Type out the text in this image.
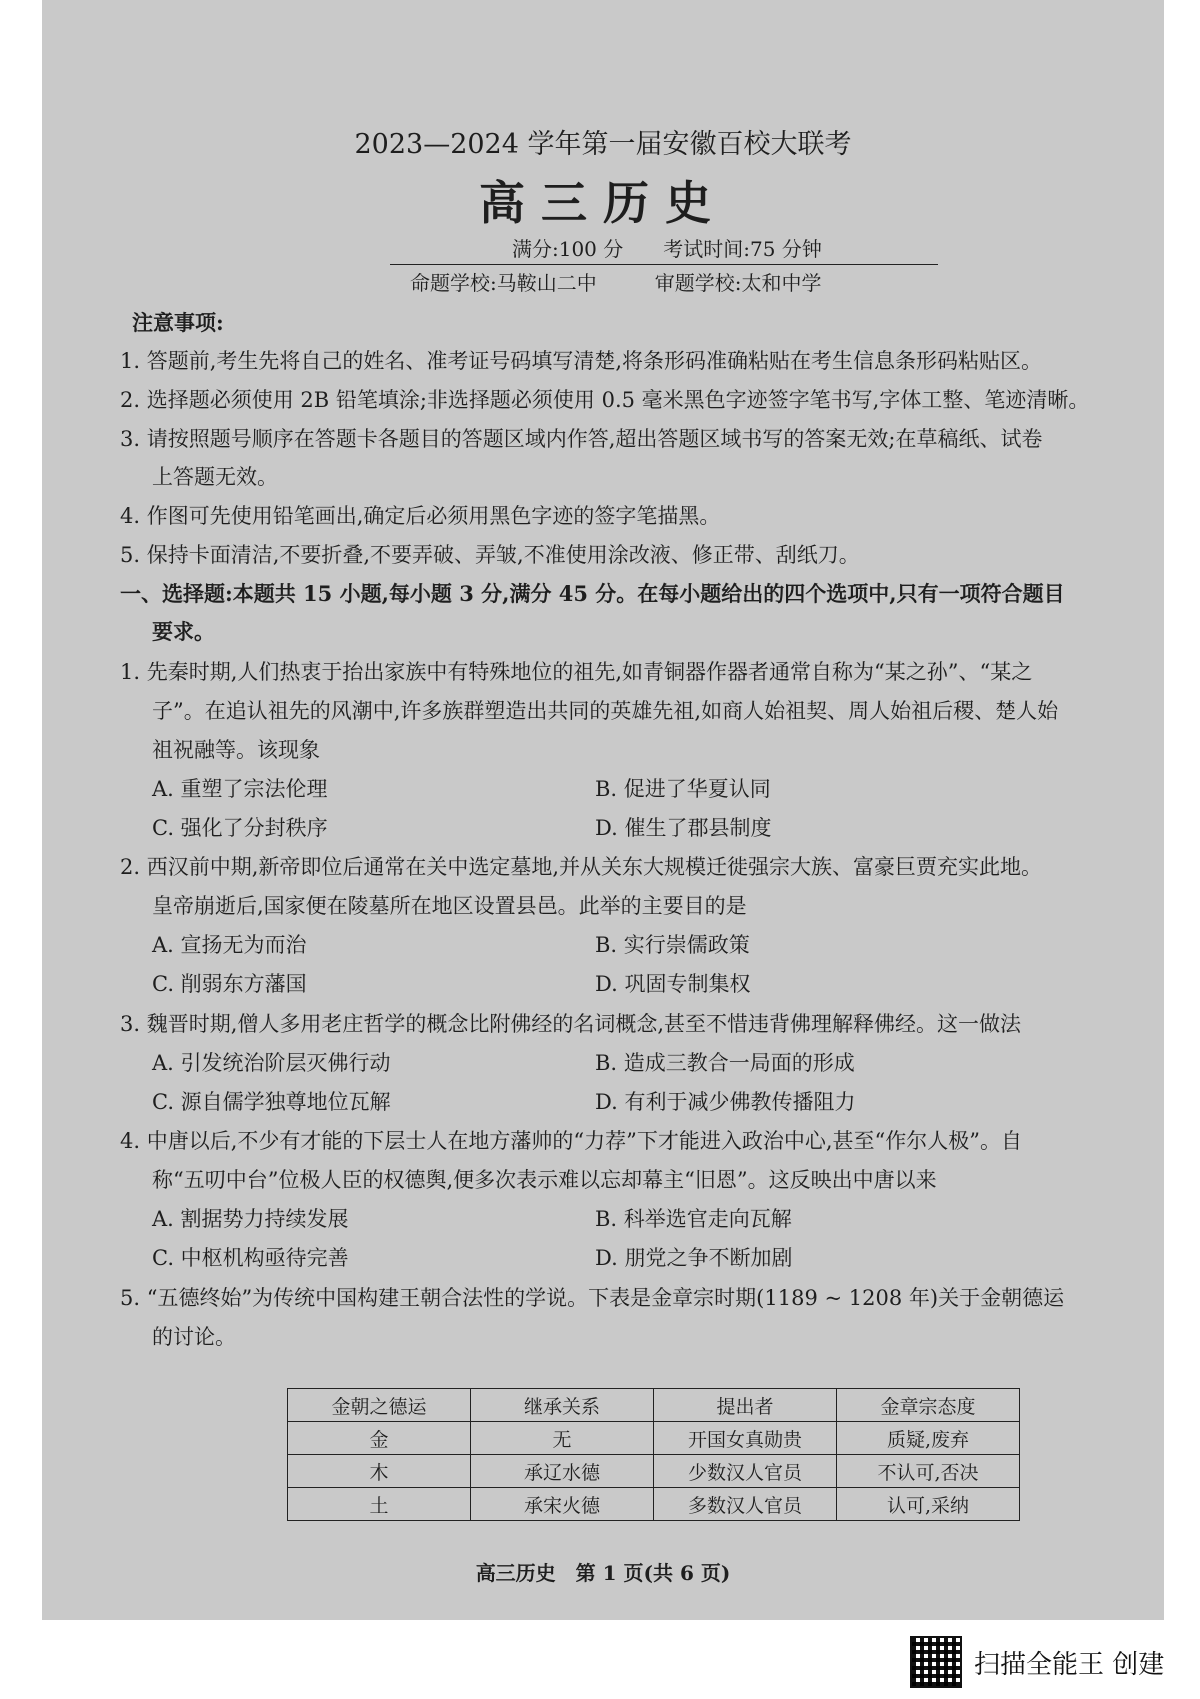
2023—2024 学年第一届安徽百校大联考
高三历史
满分:100 分 考试时间:75 分钟
命题学校:马鞍山二中	审题学校:太和中学
注意事项:
1. 答题前,考生先将自己的姓名、准考证号码填写清楚,将条形码准确粘贴在考生信息条形码粘贴区。
2. 选择题必须使用 2B 铅笔填涂;非选择题必须使用 0.5 毫米黑色字迹签字笔书写,字体工整、笔迹清晰。
3. 请按照题号顺序在答题卡各题目的答题区域内作答,超出答题区域书写的答案无效;在草稿纸、试卷
上答题无效。
4. 作图可先使用铅笔画出,确定后必须用黑色字迹的签字笔描黑。
5. 保持卡面清洁,不要折叠,不要弄破、弄皱,不准使用涂改液、修正带、刮纸刀。
一、选择题:本题共 15 小题,每小题 3 分,满分 45 分。在每小题给出的四个选项中,只有一项符合题目
要求。
1. 先秦时期,人们热衷于抬出家族中有特殊地位的祖先,如青铜器作器者通常自称为“某之孙”、“某之
子”。在追认祖先的风潮中,许多族群塑造出共同的英雄先祖,如商人始祖契、周人始祖后稷、楚人始
祖祝融等。该现象
A. 重塑了宗法伦理	B. 促进了华夏认同
C. 强化了分封秩序	D. 催生了郡县制度
2. 西汉前中期,新帝即位后通常在关中选定墓地,并从关东大规模迁徙强宗大族、富豪巨贾充实此地。
皇帝崩逝后,国家便在陵墓所在地区设置县邑。此举的主要目的是
A. 宣扬无为而治	B. 实行崇儒政策
C. 削弱东方藩国	D. 巩固专制集权
3. 魏晋时期,僧人多用老庄哲学的概念比附佛经的名词概念,甚至不惜违背佛理解释佛经。这一做法
A. 引发统治阶层灭佛行动	B. 造成三教合一局面的形成
C. 源自儒学独尊地位瓦解	D. 有利于减少佛教传播阻力
4. 中唐以后,不少有才能的下层士人在地方藩帅的“力荐”下才能进入政治中心,甚至“作尔人极”。自
称“五叨中台”位极人臣的权德舆,便多次表示难以忘却幕主“旧恩”。这反映出中唐以来
A. 割据势力持续发展	B. 科举选官走向瓦解
C. 中枢机构亟待完善	D. 朋党之争不断加剧
5. “五德终始”为传统中国构建王朝合法性的学说。下表是金章宗时期(1189 ~ 1208 年)关于金朝德运
的讨论。
金朝之德运	继承关系	提出者	金章宗态度
金	无	开国女真勋贵	质疑,废弃
木	承辽水德	少数汉人官员	不认可,否决
土	承宋火德	多数汉人官员	认可,采纳
高三历史　第 1 页(共 6 页)
扫描全能王 创建
